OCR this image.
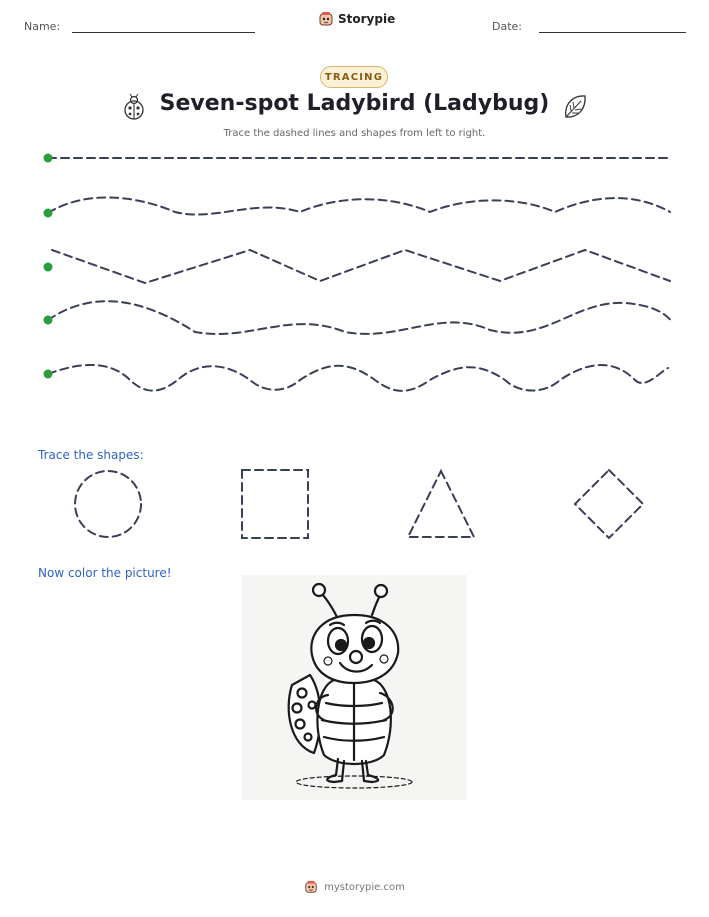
Name:
Storypie
Date:
TRACING
Seven-spot Ladybird (Ladybug)
Trace the dashed lines and shapes from left to right.
Trace the shapes:
Now color the picture!
mystorypie.com
